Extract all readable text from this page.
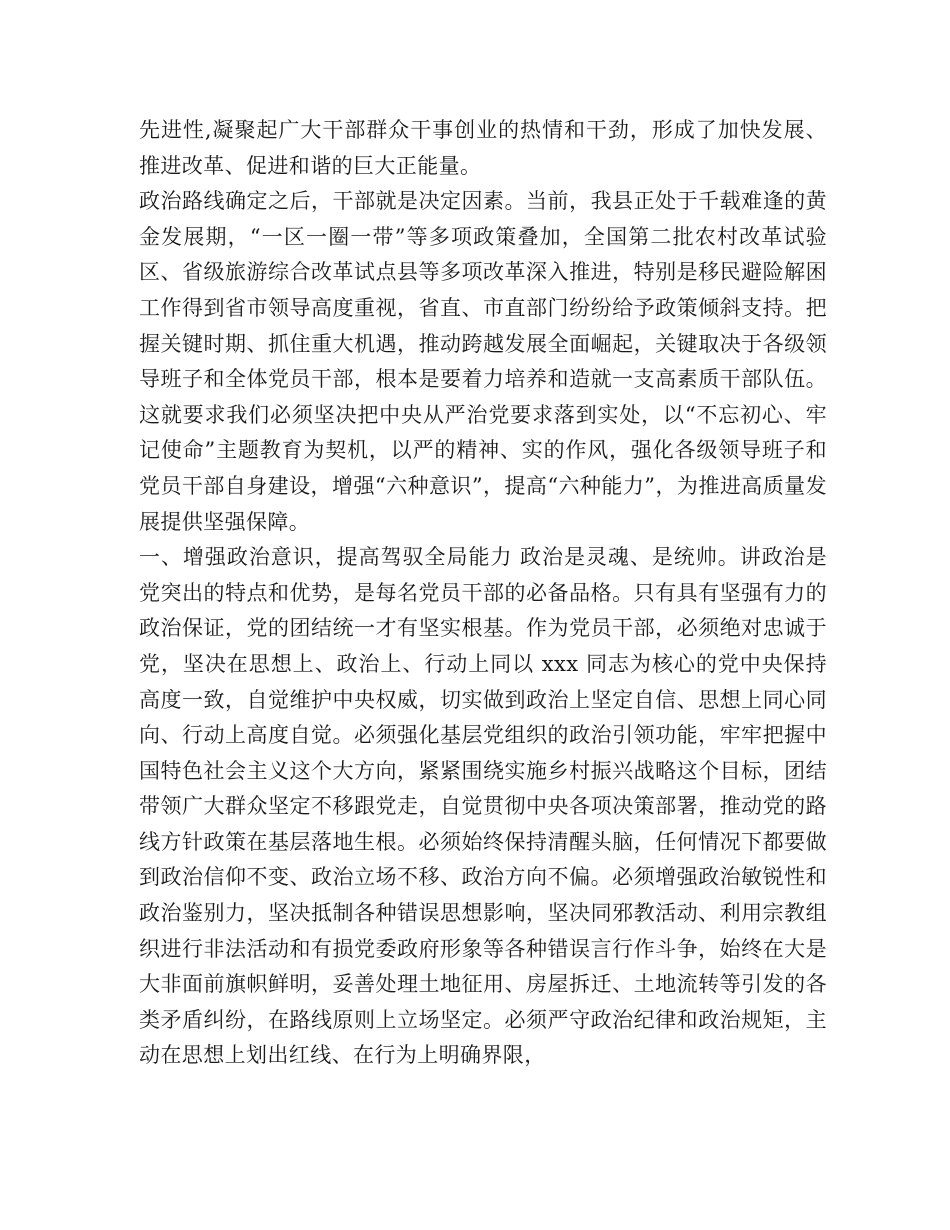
先进性,凝聚起广大干部群众干事创业的热情和干劲，形成了加快发展、推进改革、促进和谐的巨大正能量。

政治路线确定之后，干部就是决定因素。当前，我县正处于千载难逢的黄金发展期，“一区一圈一带”等多项政策叠加，全国第二批农村改革试验区、省级旅游综合改革试点县等多项改革深入推进，特别是移民避险解困工作得到省市领导高度重视，省直、市直部门纷纷给予政策倾斜支持。把握关键时期、抓住重大机遇，推动跨越发展全面崛起，关键取决于各级领导班子和全体党员干部，根本是要着力培养和造就一支高素质干部队伍。这就要求我们必须坚决把中央从严治党要求落到实处，以“不忘初心、牢记使命”主题教育为契机，以严的精神、实的作风，强化各级领导班子和党员干部自身建设，增强“六种意识”，提高“六种能力”，为推进高质量发展提供坚强保障。

一、增强政治意识，提高驾驭全局能力 政治是灵魂、是统帅。讲政治是党突出的特点和优势，是每名党员干部的必备品格。只有具有坚强有力的政治保证，党的团结统一才有坚实根基。作为党员干部，必须绝对忠诚于党，坚决在思想上、政治上、行动上同以 xxx 同志为核心的党中央保持高度一致，自觉维护中央权威，切实做到政治上坚定自信、思想上同心同向、行动上高度自觉。必须强化基层党组织的政治引领功能，牢牢把握中国特色社会主义这个大方向，紧紧围绕实施乡村振兴战略这个目标，团结带领广大群众坚定不移跟党走，自觉贯彻中央各项决策部署，推动党的路线方针政策在基层落地生根。必须始终保持清醒头脑，任何情况下都要做到政治信仰不变、政治立场不移、政治方向不偏。必须增强政治敏锐性和政治鉴别力，坚决抵制各种错误思想影响，坚决同邪教活动、利用宗教组织进行非法活动和有损党委政府形象等各种错误言行作斗争，始终在大是大非面前旗帜鲜明，妥善处理土地征用、房屋拆迁、土地流转等引发的各类矛盾纠纷，在路线原则上立场坚定。必须严守政治纪律和政治规矩，主动在思想上划出红线、在行为上明确界限，
